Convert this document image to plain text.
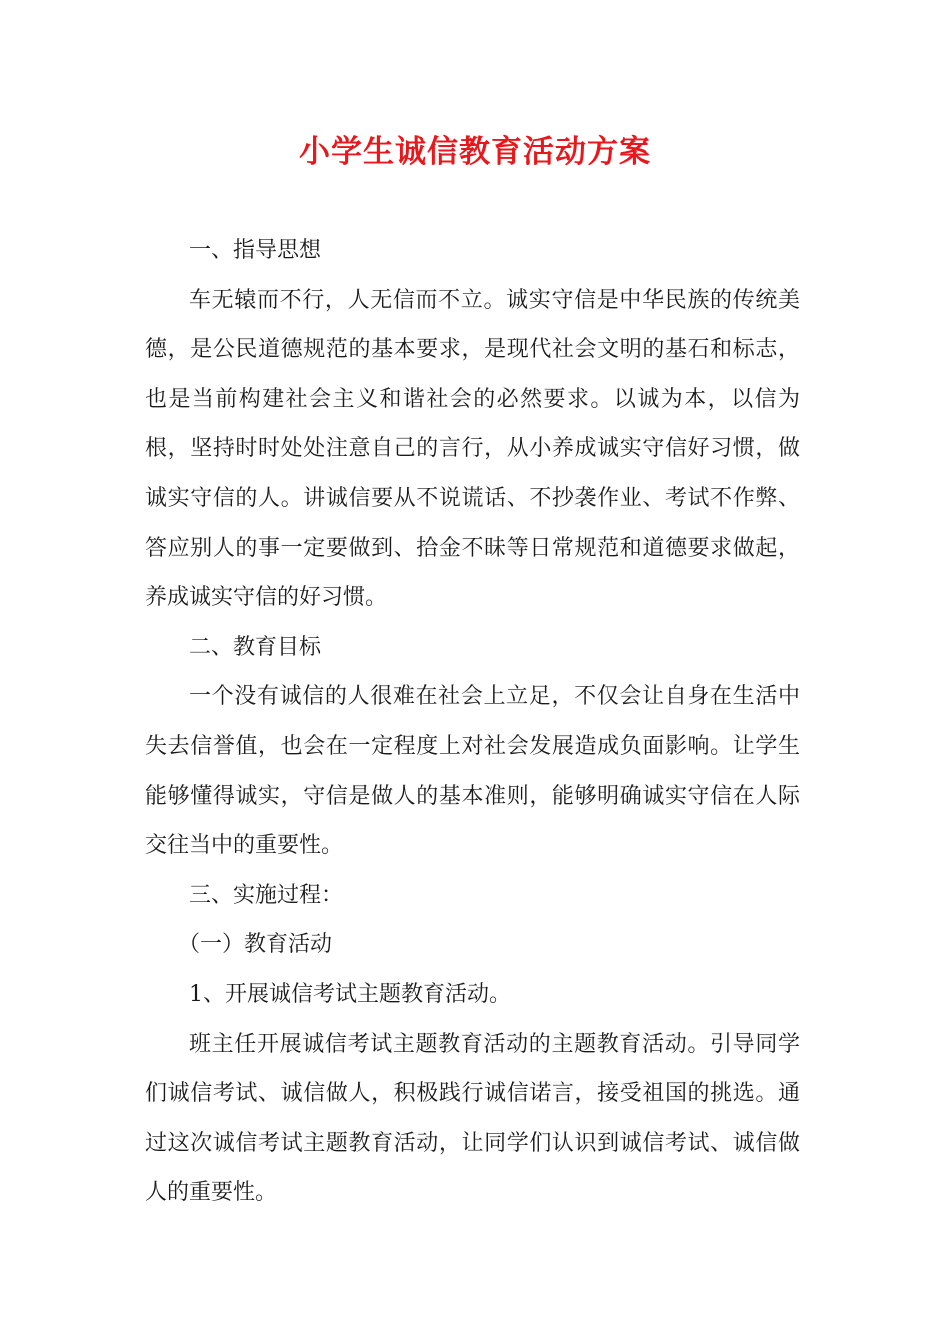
小学生诚信教育活动方案

一、指导思想

车无辕而不行，人无信而不立。诚实守信是中华民族的传统美德，是公民道德规范的基本要求，是现代社会文明的基石和标志，也是当前构建社会主义和谐社会的必然要求。以诚为本，以信为根，坚持时时处处注意自己的言行，从小养成诚实守信好习惯，做诚实守信的人。讲诚信要从不说谎话、不抄袭作业、考试不作弊、答应别人的事一定要做到、拾金不昧等日常规范和道德要求做起，养成诚实守信的好习惯。

二、教育目标

一个没有诚信的人很难在社会上立足，不仅会让自身在生活中失去信誉值，也会在一定程度上对社会发展造成负面影响。让学生能够懂得诚实，守信是做人的基本准则，能够明确诚实守信在人际交往当中的重要性。

三、实施过程：

（一）教育活动

1、开展诚信考试主题教育活动。

班主任开展诚信考试主题教育活动的主题教育活动。引导同学们诚信考试、诚信做人，积极践行诚信诺言，接受祖国的挑选。通过这次诚信考试主题教育活动，让同学们认识到诚信考试、诚信做人的重要性。
